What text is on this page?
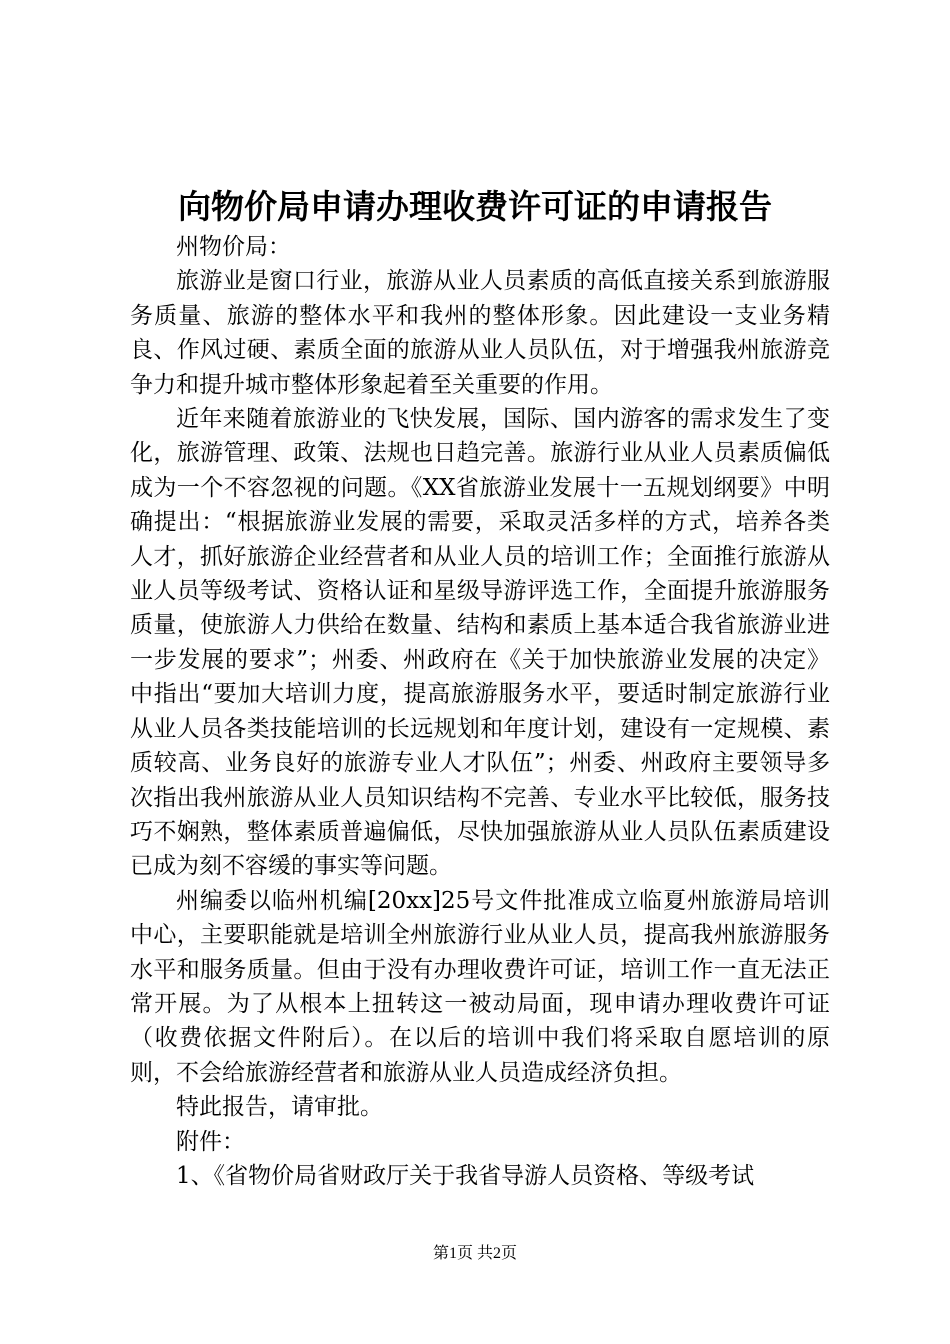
向物价局申请办理收费许可证的申请报告

州物价局：

旅游业是窗口行业，旅游从业人员素质的高低直接关系到旅游服务质量、旅游的整体水平和我州的整体形象。因此建设一支业务精良、作风过硬、素质全面的旅游从业人员队伍，对于增强我州旅游竞争力和提升城市整体形象起着至关重要的作用。

近年来随着旅游业的飞快发展，国际、国内游客的需求发生了变化，旅游管理、政策、法规也日趋完善。旅游行业从业人员素质偏低成为一个不容忽视的问题。《XX省旅游业发展十一五规划纲要》中明确提出：“根据旅游业发展的需要，采取灵活多样的方式，培养各类人才，抓好旅游企业经营者和从业人员的培训工作；全面推行旅游从业人员等级考试、资格认证和星级导游评选工作，全面提升旅游服务质量，使旅游人力供给在数量、结构和素质上基本适合我省旅游业进一步发展的要求”；州委、州政府在《关于加快旅游业发展的决定》中指出“要加大培训力度，提高旅游服务水平，要适时制定旅游行业从业人员各类技能培训的长远规划和年度计划，建设有一定规模、素质较高、业务良好的旅游专业人才队伍”；州委、州政府主要领导多次指出我州旅游从业人员知识结构不完善、专业水平比较低，服务技巧不娴熟，整体素质普遍偏低，尽快加强旅游从业人员队伍素质建设已成为刻不容缓的事实等问题。

州编委以临州机编[20xx]25号文件批准成立临夏州旅游局培训中心，主要职能就是培训全州旅游行业从业人员，提高我州旅游服务水平和服务质量。但由于没有办理收费许可证，培训工作一直无法正常开展。为了从根本上扭转这一被动局面，现申请办理收费许可证（收费依据文件附后）。在以后的培训中我们将采取自愿培训的原则，不会给旅游经营者和旅游从业人员造成经济负担。

特此报告，请审批。

附件：

1、《省物价局省财政厅关于我省导游人员资格、等级考试

第1页 共2页
